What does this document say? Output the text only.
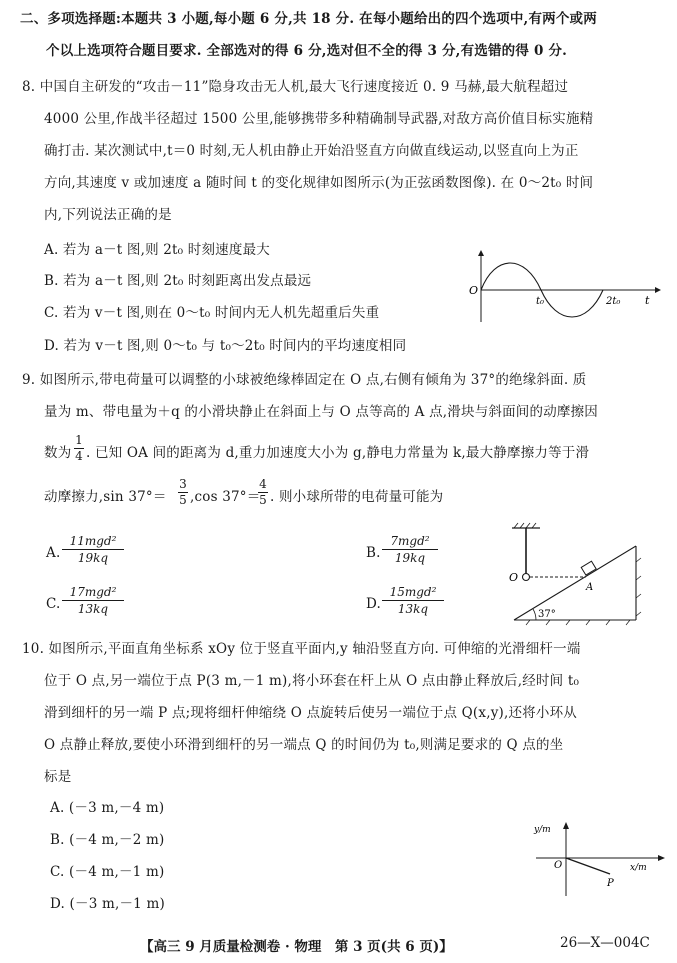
二、多项选择题:本题共 3 小题,每小题 6 分,共 18 分. 在每小题给出的四个选项中,有两个或两
个以上选项符合题目要求. 全部选对的得 6 分,选对但不全的得 3 分,有选错的得 0 分.
8. 中国自主研发的“攻击－11”隐身攻击无人机,最大飞行速度接近 0. 9 马赫,最大航程超过
4000 公里,作战半径超过 1500 公里,能够携带多种精确制导武器,对敌方高价值目标实施精
确打击. 某次测试中,t＝0 时刻,无人机由静止开始沿竖直方向做直线运动,以竖直向上为正
方向,其速度 v 或加速度 a 随时间 t 的变化规律如图所示(为正弦函数图像). 在 0～2t₀ 时间
内,下列说法正确的是
A. 若为 a－t 图,则 2t₀ 时刻速度最大
B. 若为 a－t 图,则 2t₀ 时刻距离出发点最远
C. 若为 v－t 图,则在 0～t₀ 时间内无人机先超重后失重
D. 若为 v－t 图,则 0～t₀ 与 t₀～2t₀ 时间内的平均速度相同
O
t₀	2t₀ t
9. 如图所示,带电荷量可以调整的小球被绝缘棒固定在 O 点,右侧有倾角为 37°的绝缘斜面. 质
量为 m、带电量为＋q 的小滑块静止在斜面上与 O 点等高的 A 点,滑块与斜面间的动摩擦因
数为
1
4 . 已知 OA 间的距离为 d,重力加速度大小为 g,静电力常量为 k,最大静摩擦力等于滑
动摩擦力,sin 37°＝
3
5 ,cos 37°＝
4
5 . 则小球所带的电荷量可能为
A.
11mgd²
19kq	B.
7mgd²
19kq
C.
17mgd²
13kq	D.
15mgd²
13kq
O
A
37°
10. 如图所示,平面直角坐标系 xOy 位于竖直平面内,y 轴沿竖直方向. 可伸缩的光滑细杆一端
位于 O 点,另一端位于点 P(3 m,－1 m),将小环套在杆上从 O 点由静止释放后,经时间 t₀
滑到细杆的另一端 P 点;现将细杆伸缩绕 O 点旋转后使另一端位于点 Q(x,y),还将小环从
O 点静止释放,要使小环滑到细杆的另一端点 Q 的时间仍为 t₀,则满足要求的 Q 点的坐
标是
A. (－3 m,－4 m)
B. (－4 m,－2 m)
C. (－4 m,－1 m)
D. (－3 m,－1 m)
y/m
x/m
O
P
【高三 9 月质量检测卷 · 物理　第 3 页(共 6 页)】	26—X—004C
